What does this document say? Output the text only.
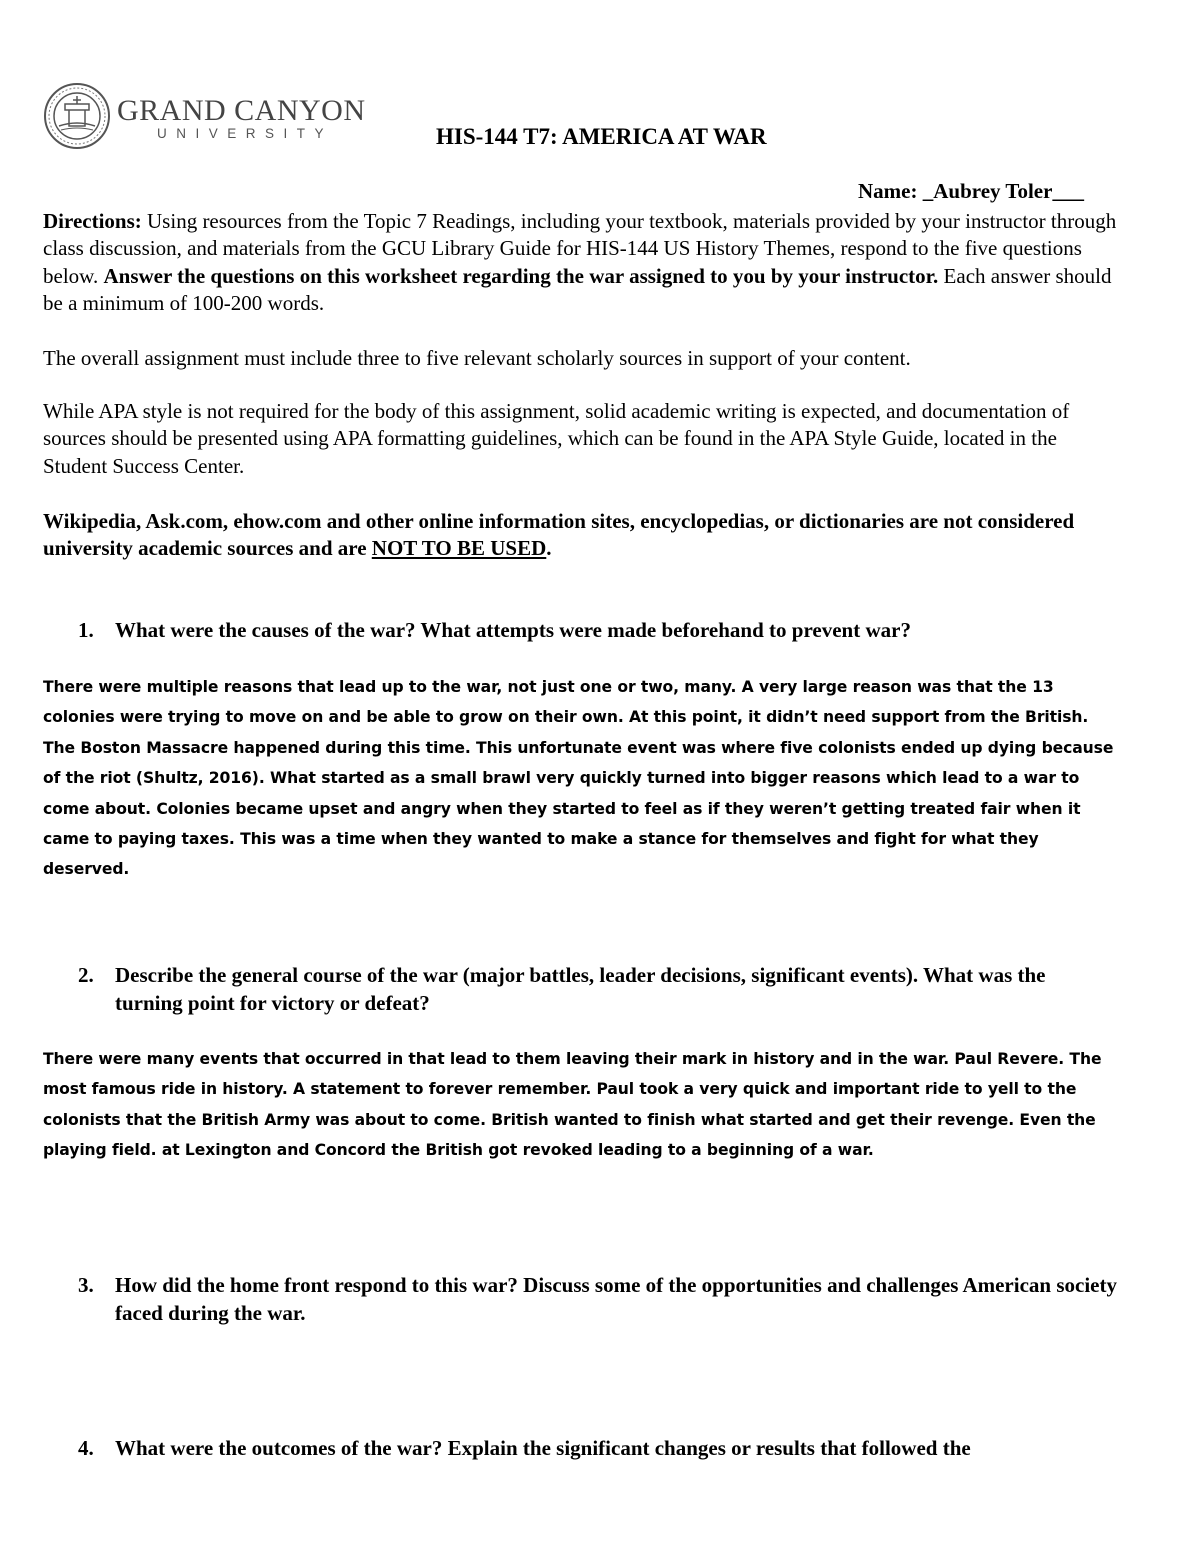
GRAND CANYON
UNIVERSITY	HIS-144 T7: AMERICA AT WAR
Name: _Aubrey Toler___

Directions: Using resources from the Topic 7 Readings, including your textbook, materials provided by your instructor through class discussion, and materials from the GCU Library Guide for HIS-144 US History Themes, respond to the five questions below. Answer the questions on this worksheet regarding the war assigned to you by your instructor. Each answer should be a minimum of 100-200 words.

The overall assignment must include three to five relevant scholarly sources in support of your content.

While APA style is not required for the body of this assignment, solid academic writing is expected, and documentation of sources should be presented using APA formatting guidelines, which can be found in the APA Style Guide, located in the Student Success Center.

Wikipedia, Ask.com, ehow.com and other online information sites, encyclopedias, or dictionaries are not considered university academic sources and are NOT TO BE USED.

1. What were the causes of the war? What attempts were made beforehand to prevent war?

There were multiple reasons that lead up to the war, not just one or two, many. A very large reason was that the 13 colonies were trying to move on and be able to grow on their own. At this point, it didn’t need support from the British. The Boston Massacre happened during this time. This unfortunate event was where five colonists ended up dying because of the riot (Shultz, 2016). What started as a small brawl very quickly turned into bigger reasons which lead to a war to come about. Colonies became upset and angry when they started to feel as if they weren’t getting treated fair when it came to paying taxes. This was a time when they wanted to make a stance for themselves and fight for what they deserved.

2. Describe the general course of the war (major battles, leader decisions, significant events). What was the turning point for victory or defeat?

There were many events that occurred in that lead to them leaving their mark in history and in the war. Paul Revere. The most famous ride in history. A statement to forever remember. Paul took a very quick and important ride to yell to the colonists that the British Army was about to come. British wanted to finish what started and get their revenge. Even the playing field. at Lexington and Concord the British got revoked leading to a beginning of a war.

3. How did the home front respond to this war? Discuss some of the opportunities and challenges American society faced during the war.
4. What were the outcomes of the war? Explain the significant changes or results that followed the
